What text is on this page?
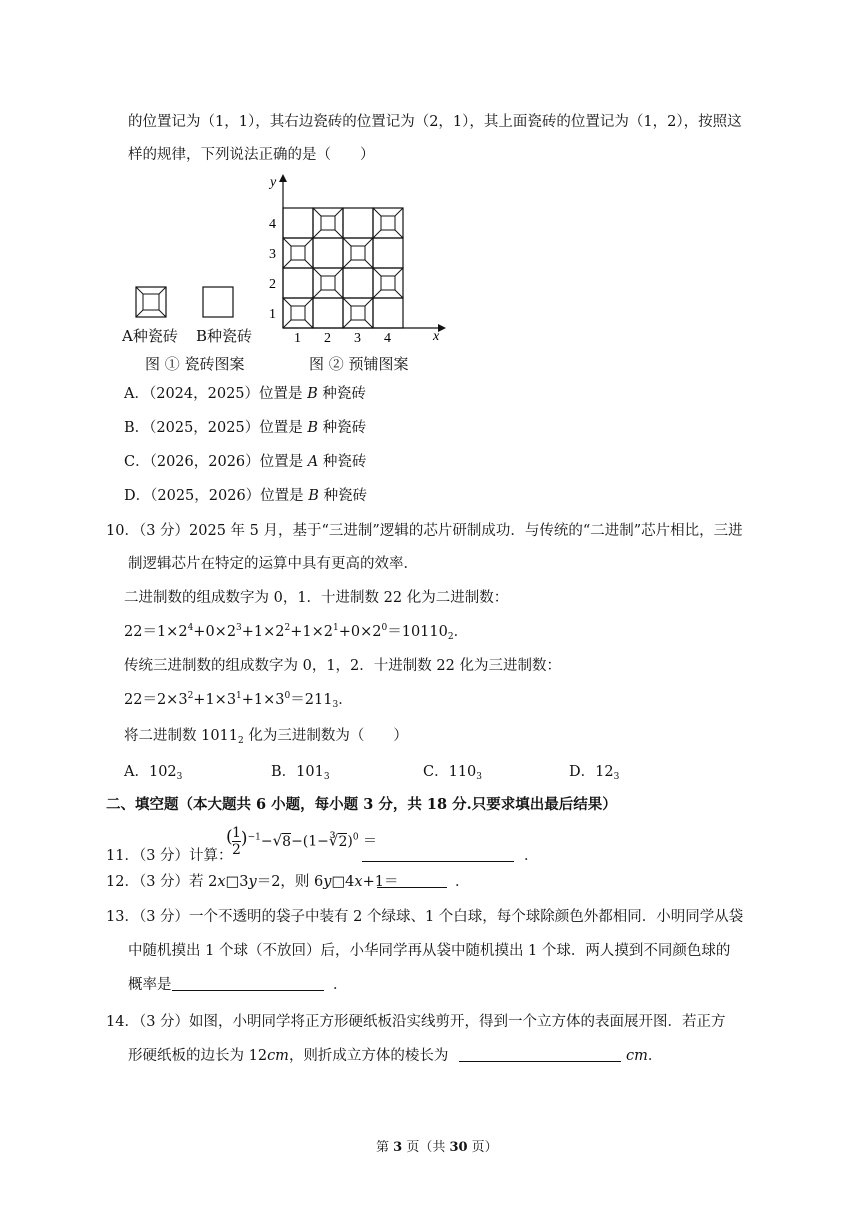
的位置记为（1，1），其右边瓷砖的位置记为（2，1），其上面瓷砖的位置记为（1，2），按照这
样的规律，下列说法正确的是（　　）
y
x
1 2 3 4
1
2
3
4
A种瓷砖 B种瓷砖
图 ① 瓷砖图案	图 ② 预铺图案
A．（2024，2025）位置是 B 种瓷砖
B．（2025，2025）位置是 B 种瓷砖
C．（2026，2026）位置是 A 种瓷砖
D．（2025，2026）位置是 B 种瓷砖
10．（3 分）2025 年 5 月，基于“三进制”逻辑的芯片研制成功．与传统的“二进制”芯片相比，三进
制逻辑芯片在特定的运算中具有更高的效率．
二进制数的组成数字为 0，1．十进制数 22 化为二进制数：
$22=1\times 2^4+0\times 2^3+1\times 2^2+1\times 2^1+0\times 2^0=10110_2$．
传统三进制数的组成数字为 0，1，2．十进制数 22 化为三进制数：
$22=2\times 3^2+1\times 3^1+1\times 3^0=211_3$．
将二进制数 $1011_2$ 化为三进制数为（　　）
A．$102_3$	B．$101_3$	C．$110_3$	D．$12_3$
二、填空题（本大题共 6 小题，每小题 3 分，共 18 分.只要求填出最后结果）
11．（3 分）计算： $\frac{( 1}{2}$ )$^{-1}$−√8−(1−∛2)$^0$ ＝
．
12．（3 分）若 2x□3y＝2，则 6y□4x+1＝	．
13．（3 分）一个不透明的袋子中装有 2 个绿球、1 个白球，每个球除颜色外都相同．小明同学从袋
中随机摸出 1 个球（不放回）后，小华同学再从袋中随机摸出 1 个球．两人摸到不同颜色球的
概率是	．
14．（3 分）如图，小明同学将正方形硬纸板沿实线剪开，得到一个立方体的表面展开图．若正方
形硬纸板的边长为 12cm，则折成立方体的棱长为	cm．
第 3 页（共 30 页）
